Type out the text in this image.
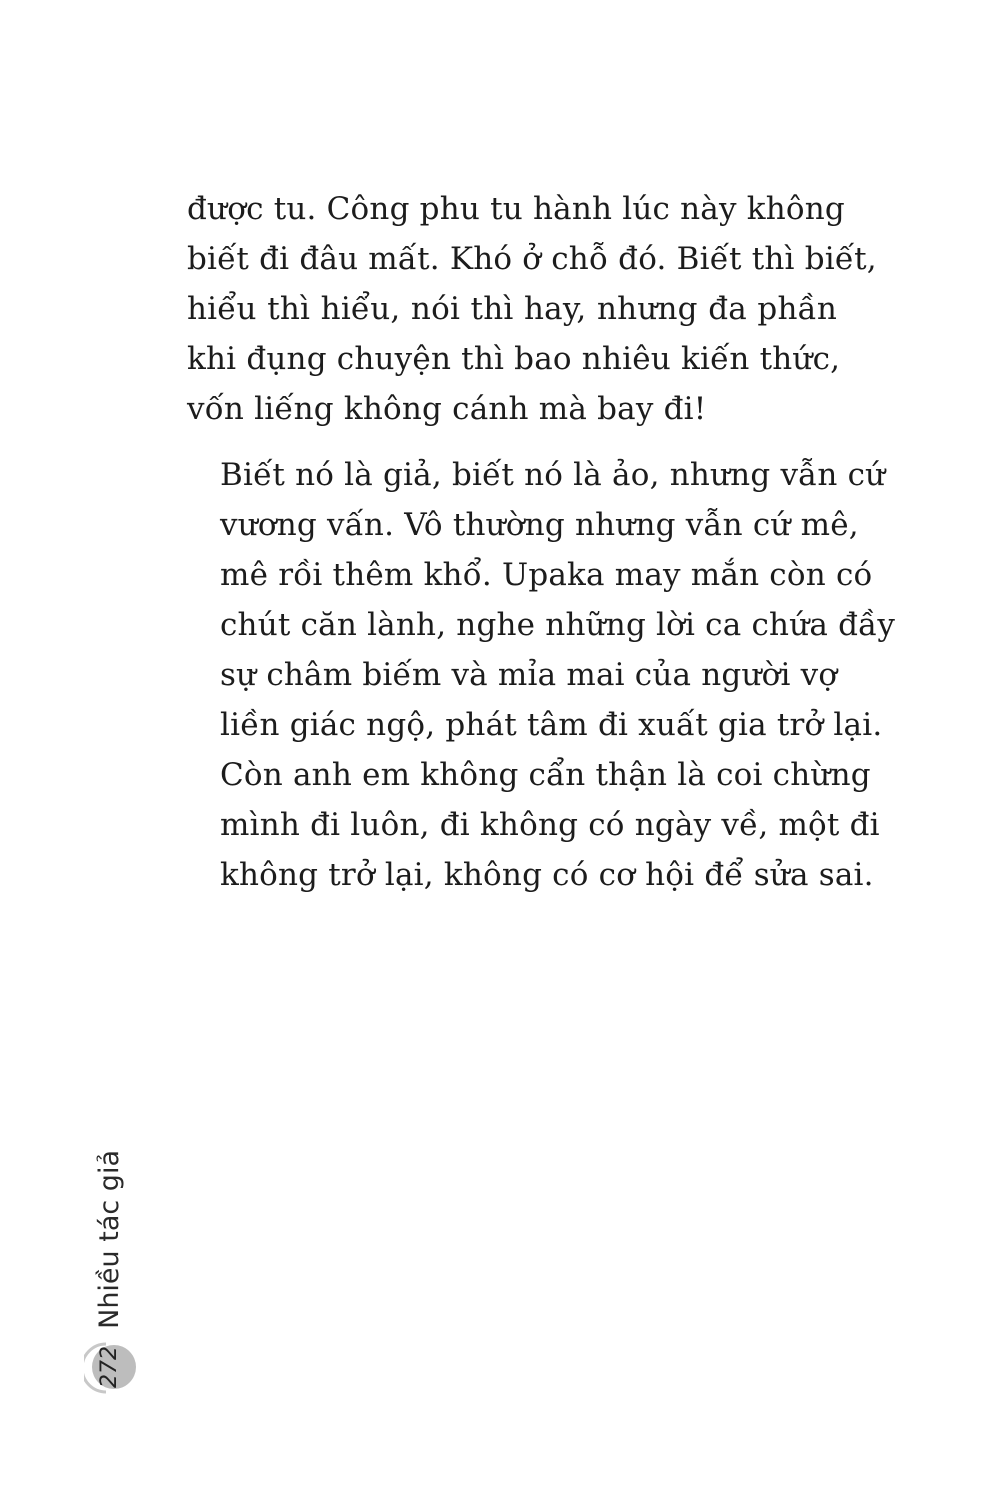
được tu. Công phu tu hành lúc này không
biết đi đâu mất. Khó ở chỗ đó. Biết thì biết,
hiểu thì hiểu, nói thì hay, nhưng đa phần
khi đụng chuyện thì bao nhiêu kiến thức,
vốn liếng không cánh mà bay đi!

Biết nó là giả, biết nó là ảo, nhưng vẫn cứ
vương vấn. Vô thường nhưng vẫn cứ mê,
mê rồi thêm khổ. Upaka may mắn còn có
chút căn lành, nghe những lời ca chứa đầy
sự châm biếm và mỉa mai của người vợ
liền giác ngộ, phát tâm đi xuất gia trở lại.
Còn anh em không cẩn thận là coi chừng
mình đi luôn, đi không có ngày về, một đi
không trở lại, không có cơ hội để sửa sai.

Nhiều tác giả
272
